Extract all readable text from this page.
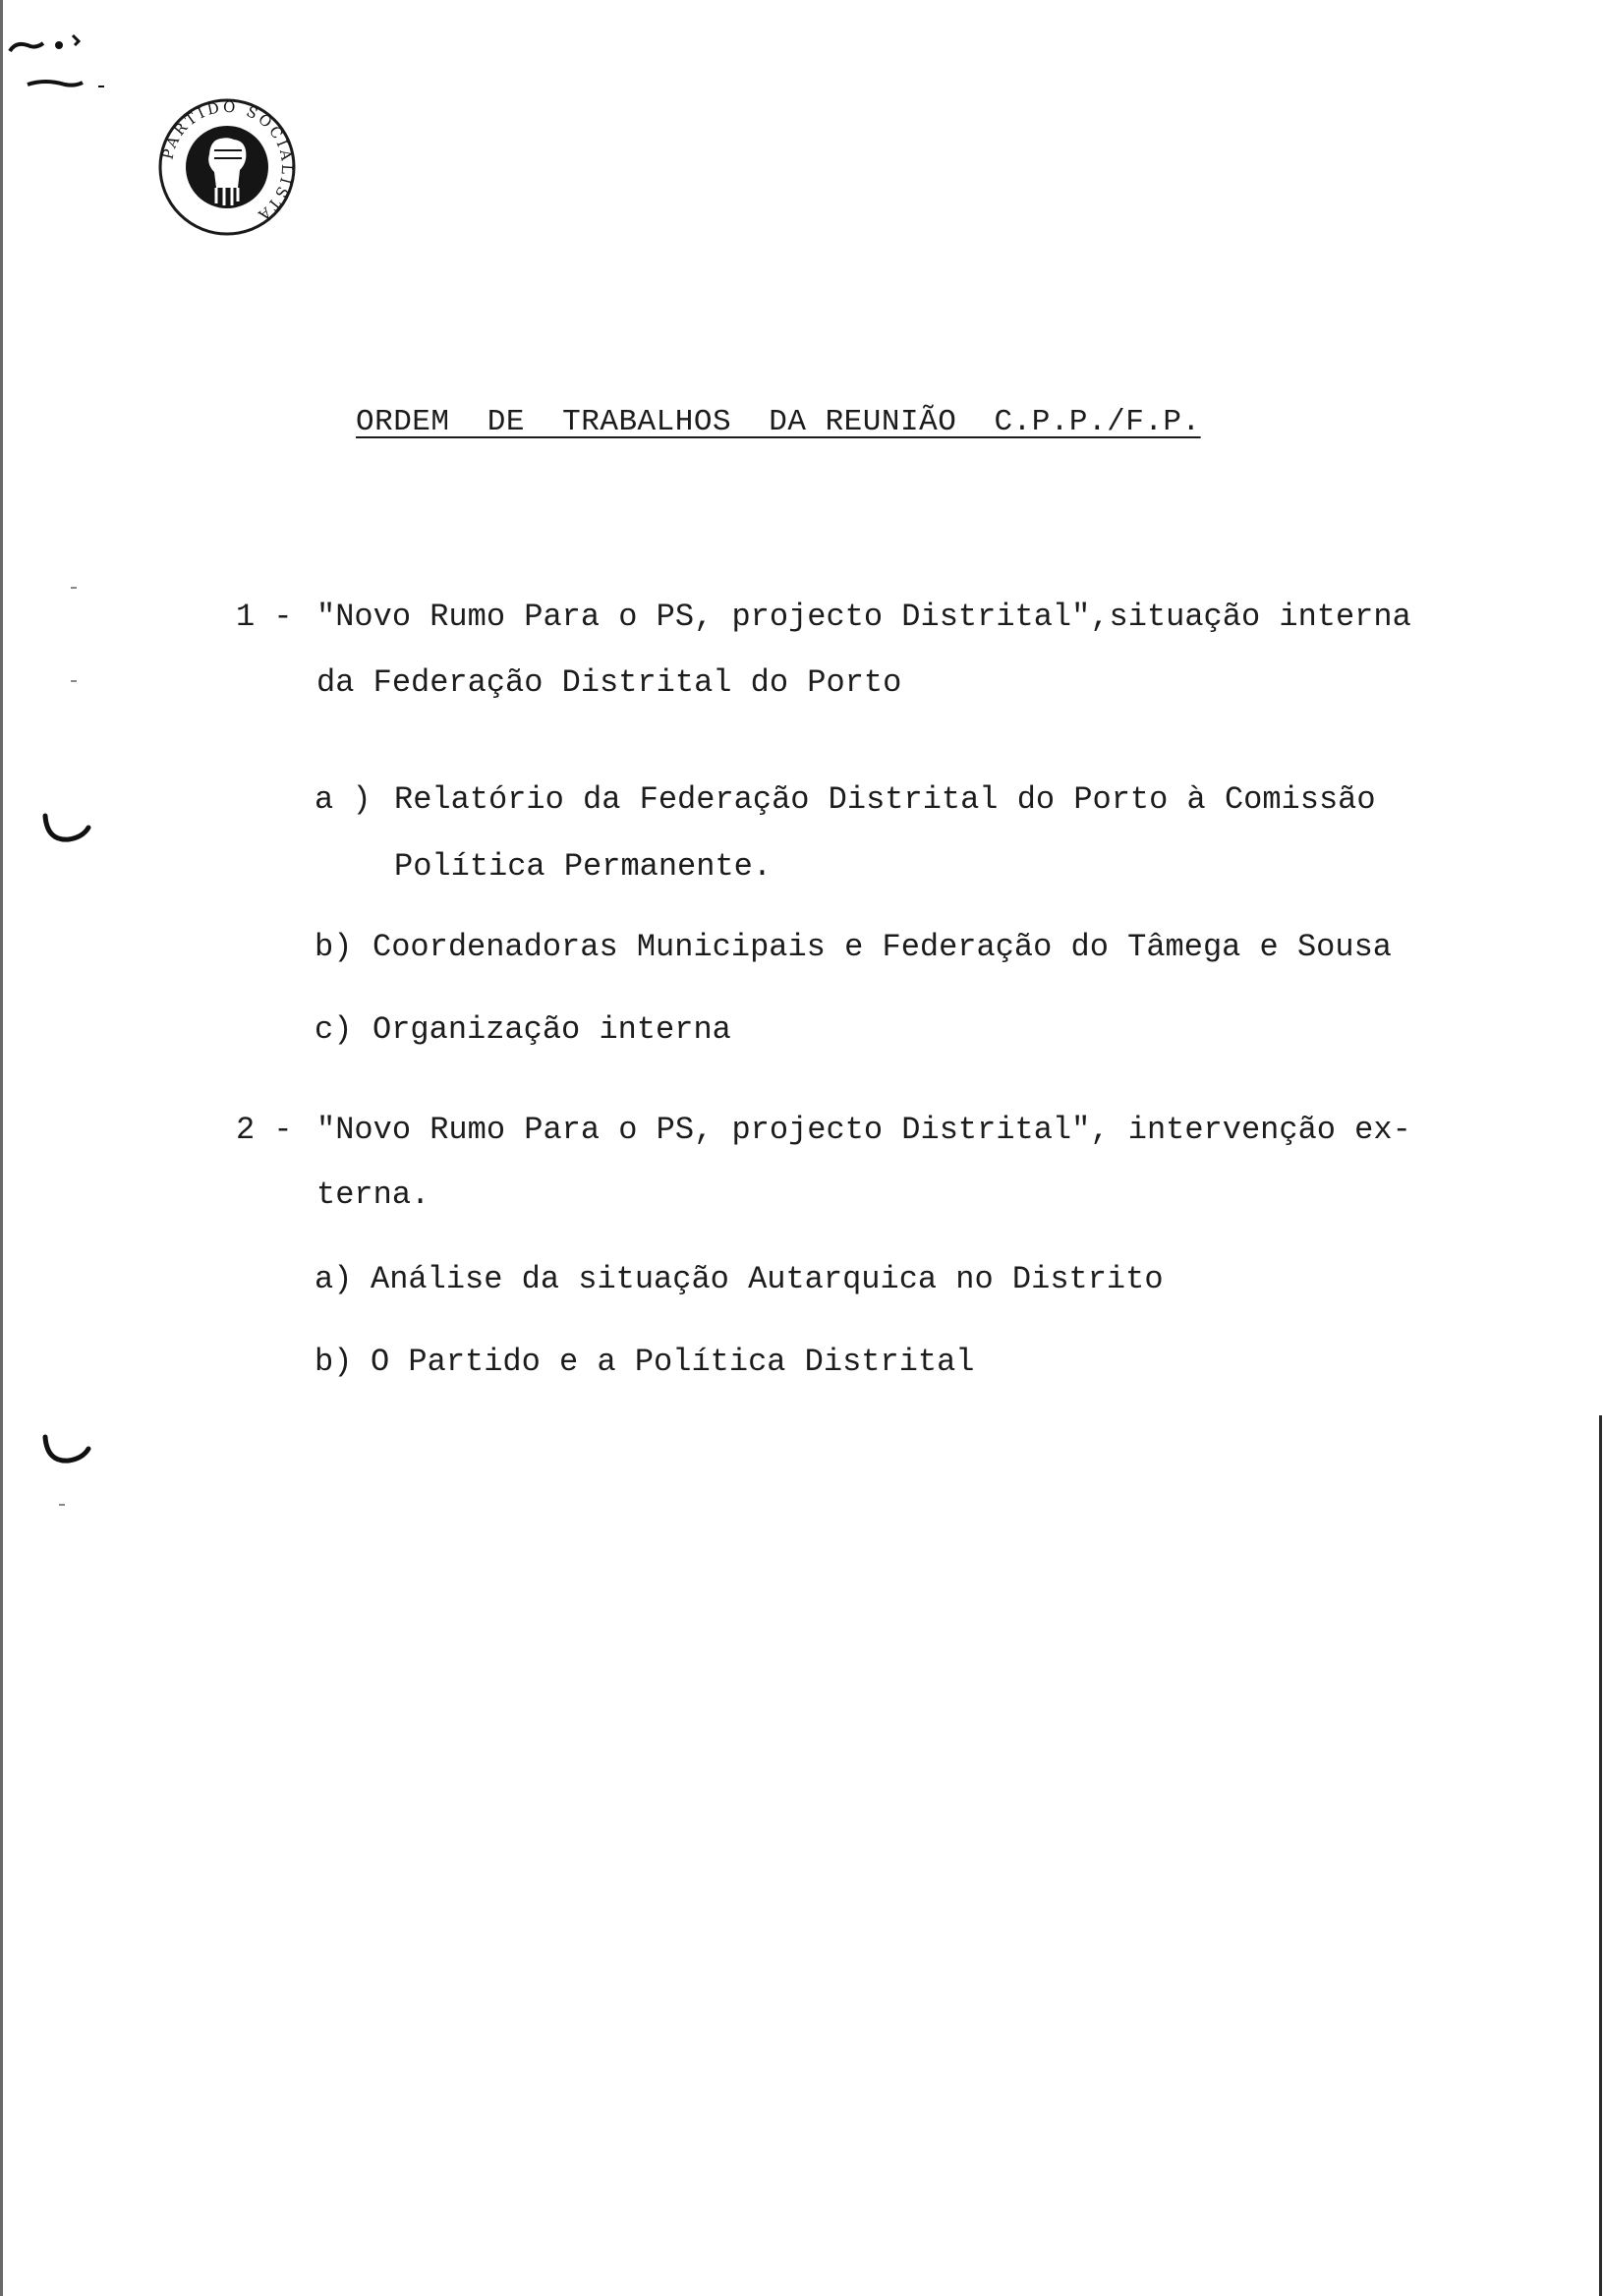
PARTIDO SOCIALISTA
ORDEM  DE  TRABALHOS  DA REUNIÃO  C.P.P./F.P.
1 - "Novo Rumo Para o PS, projecto Distrital",situação interna
da Federação Distrital do Porto
a ) Relatório da Federação Distrital do Porto à Comissão
Política Permanente.
b) Coordenadoras Municipais e Federação do Tâmega e Sousa
c) Organização interna
2 - "Novo Rumo Para o PS, projecto Distrital", intervenção ex-
terna.
a) Análise da situação Autarquica no Distrito
b) O Partido e a Política Distrital
